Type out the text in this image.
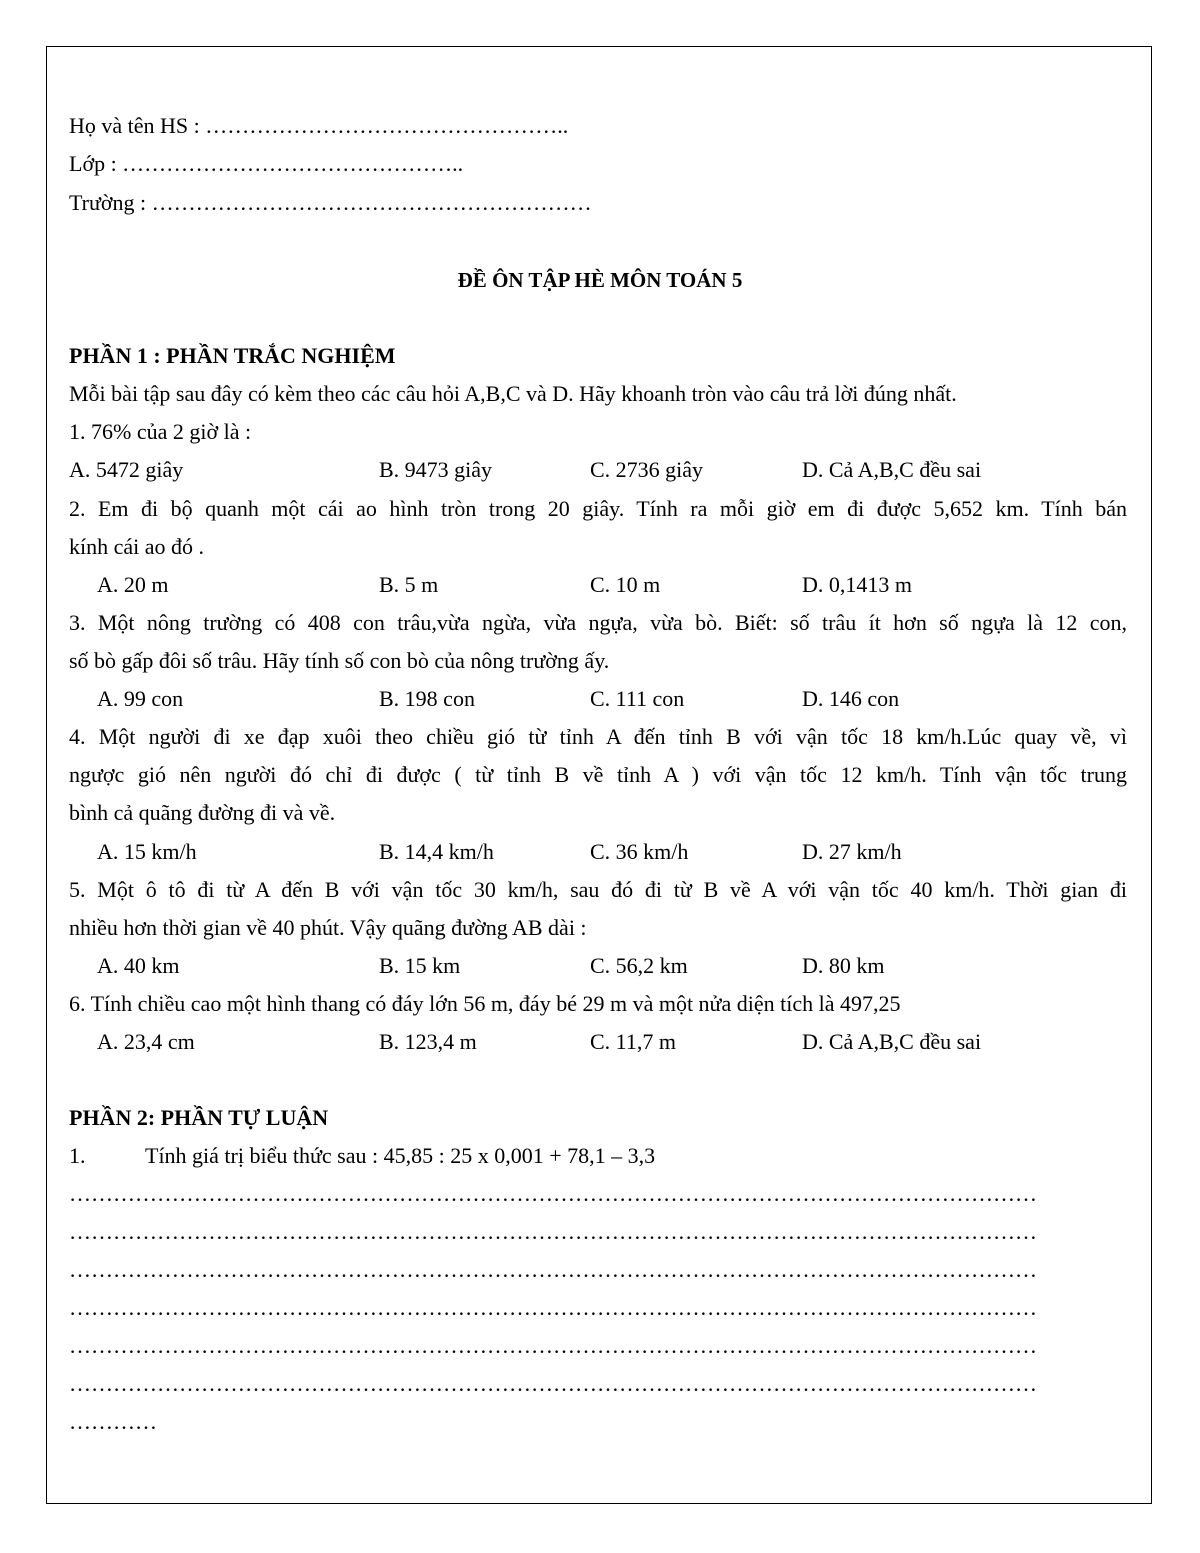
Họ và tên HS : …………………………………………..
Lớp : ………………………………………..
Trường : ……………………………………………………
ĐỀ ÔN TẬP HÈ MÔN TOÁN 5
PHẦN 1 : PHẦN TRẮC NGHIỆM
Mỗi bài tập sau đây có kèm theo các câu hỏi A,B,C và D. Hãy khoanh tròn vào câu trả lời đúng nhất.
1. 76% của 2 giờ là :
A. 5472 giây	B. 9473 giây	C. 2736 giây	D. Cả A,B,C đều sai
2. Em đi bộ quanh một cái ao hình tròn trong 20 giây. Tính ra mỗi giờ em đi được 5,652 km. Tính bán
kính cái ao đó .
A. 20 m	B. 5 m	C. 10 m	D. 0,1413 m
3. Một nông trường có 408 con trâu,vừa ngừa, vừa ngựa, vừa bò. Biết: số trâu ít hơn số ngựa là 12 con,
số bò gấp đôi số trâu. Hãy tính số con bò của nông trường ấy.
A. 99 con	B. 198 con	C. 111 con	D. 146 con
4. Một người đi xe đạp xuôi theo chiều gió từ tỉnh A đến tỉnh B với vận tốc 18 km/h.Lúc quay về, vì
ngược gió nên người đó chỉ đi được ( từ tỉnh B về tỉnh A ) với vận tốc 12 km/h. Tính vận tốc trung
bình cả quãng đường đi và về.
A. 15 km/h	B. 14,4 km/h	C. 36 km/h	D. 27 km/h
5. Một ô tô đi từ A đến B với vận tốc 30 km/h, sau đó đi từ B về A với vận tốc 40 km/h. Thời gian đi
nhiều hơn thời gian về 40 phút. Vậy quãng đường AB dài :
A. 40 km	B. 15 km	C. 56,2 km	D. 80 km
6. Tính chiều cao một hình thang có đáy lớn 56 m, đáy bé 29 m và một nửa diện tích là 497,25
A. 23,4 cm	B. 123,4 m	C. 11,7 m	D. Cả A,B,C đều sai
PHẦN 2: PHẦN TỰ LUẬN
1.	Tính giá trị biểu thức sau : 45,85 : 25 x 0,001 + 78,1 – 3,3
……………………………………………………………………………………………………………………
……………………………………………………………………………………………………………………
……………………………………………………………………………………………………………………
……………………………………………………………………………………………………………………
……………………………………………………………………………………………………………………
……………………………………………………………………………………………………………………
…………
